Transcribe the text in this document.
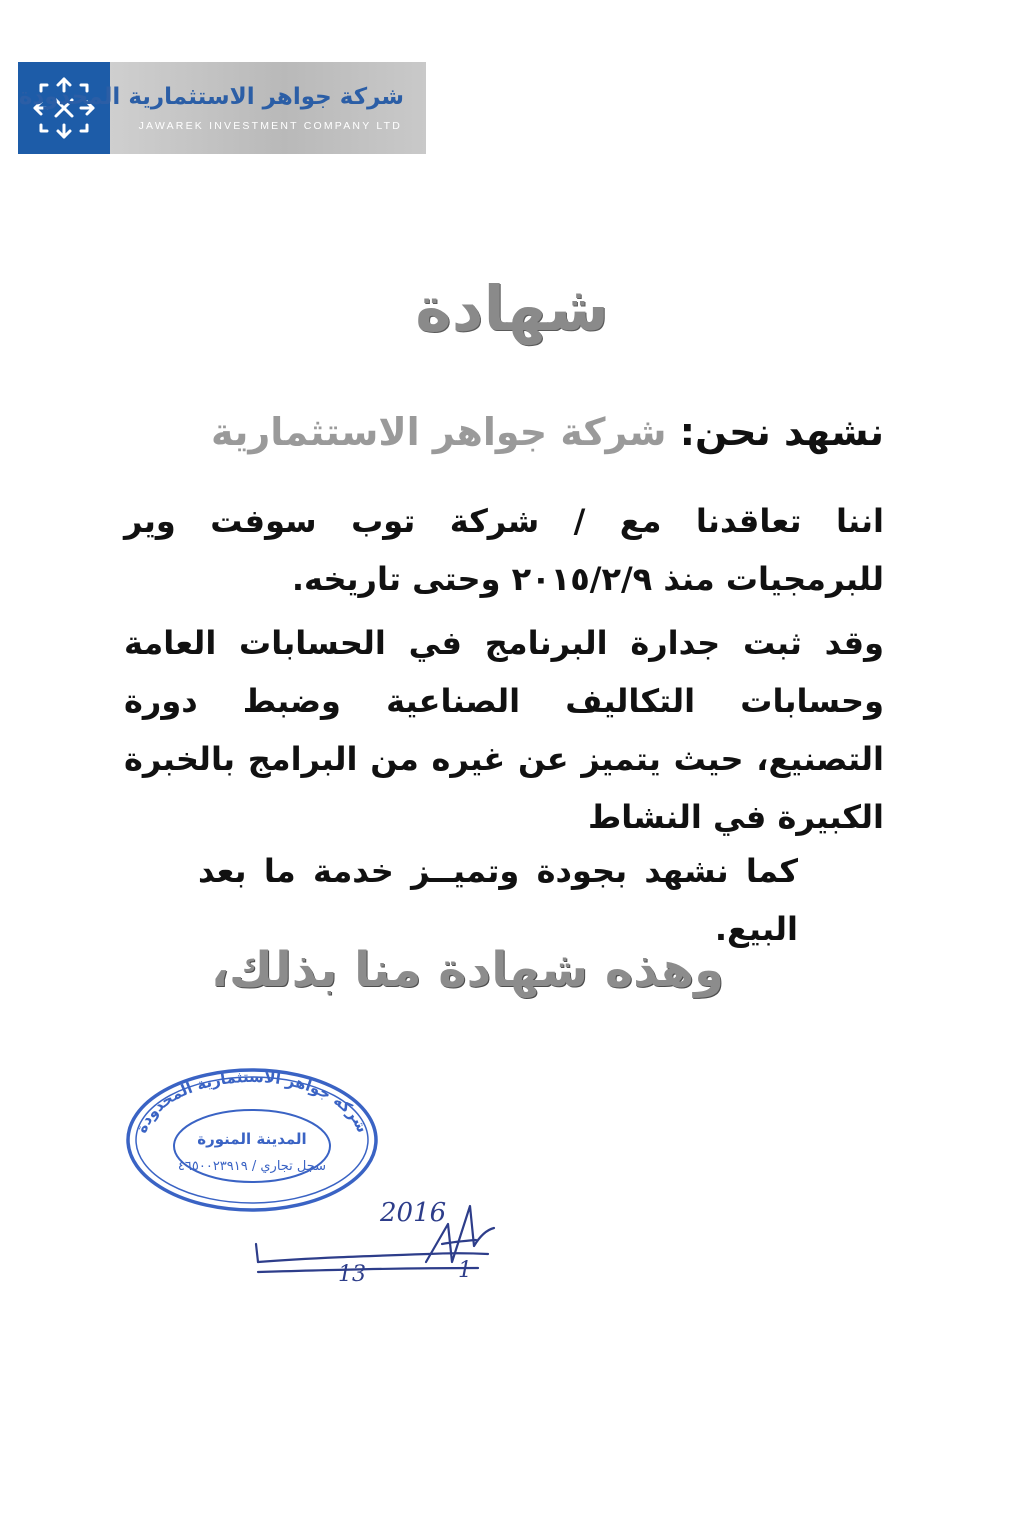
شركة جواهر الاستثمارية المحدودة
JAWAREK INVESTMENT COMPANY LTD
شهادة
نشهد نحن: شركة جواهر الاستثمارية
اننا تعاقدنا مع / شركة توب سوفت وير للبرمجيات منذ ٢٠١٥/٢/٩ وحتى تاريخه.
وقد ثبت جدارة البرنامج في الحسابات العامة وحسابات التكاليف الصناعية وضبط دورة التصنيع، حيث يتميز عن غيره من البرامج بالخبرة الكبيرة في النشاط
كما نشهد بجودة وتميــز خدمة ما بعد البيع.
وهذه شهادة منا بذلك،
شركة جواهر الاستثمارية المحدودة
المدينة المنورة
سجل تجاري / ٤٦٥٠٠٢٣٩١٩
2016
13	1
